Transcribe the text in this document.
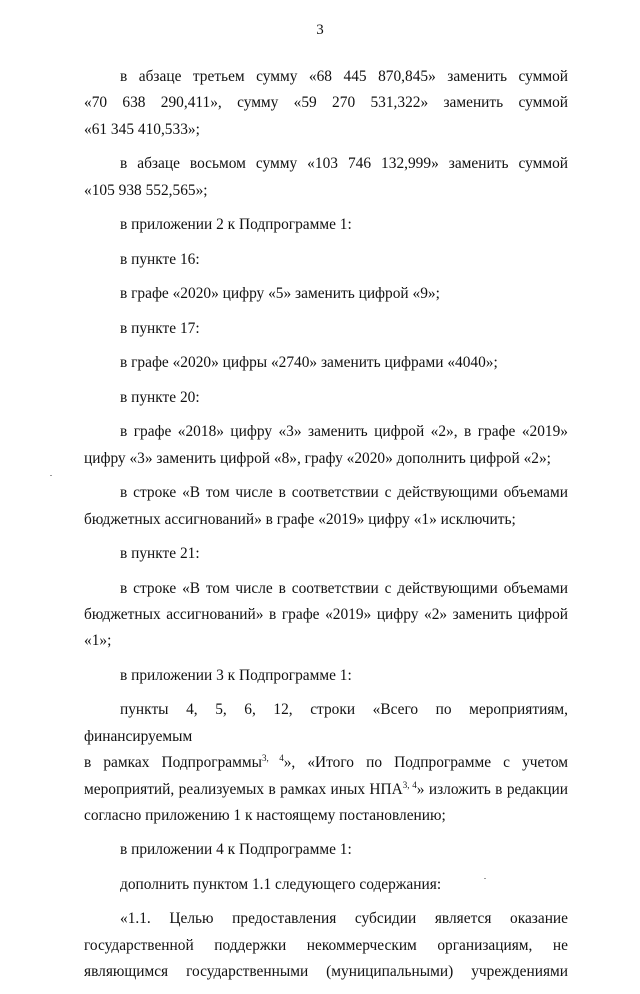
3
в абзаце третьем сумму «68 445 870,845» заменить суммой
«70 638 290,411», сумму «59 270 531,322» заменить суммой
«61 345 410,533»;
в абзаце восьмом сумму «103 746 132,999» заменить суммой
«105 938 552,565»;
в приложении 2 к Подпрограмме 1:
в пункте 16:
в графе «2020» цифру «5» заменить цифрой «9»;
в пункте 17:
в графе «2020» цифры «2740» заменить цифрами «4040»;
в пункте 20:
в графе «2018» цифру «3» заменить цифрой «2», в графе «2019»
цифру «3» заменить цифрой «8», графу «2020» дополнить цифрой «2»;
в строке «В том числе в соответствии с действующими объемами
бюджетных ассигнований» в графе «2019» цифру «1» исключить;
в пункте 21:
в строке «В том числе в соответствии с действующими объемами
бюджетных ассигнований» в графе «2019» цифру «2» заменить цифрой
«1»;
в приложении 3 к Подпрограмме 1:
пункты 4, 5, 6, 12, строки «Всего по мероприятиям, финансируемым
в рамках Подпрограммы$^{3, 4}$», «Итого по Подпрограмме с учетом
мероприятий, реализуемых в рамках иных НПА$^{3, 4}$» изложить в редакции
согласно приложению 1 к настоящему постановлению;
в приложении 4 к Подпрограмме 1:
дополнить пунктом 1.1 следующего содержания:
«1.1. Целью предоставления субсидии является оказание
государственной поддержки некоммерческим организациям, не
являющимся государственными (муниципальными) учреждениями
